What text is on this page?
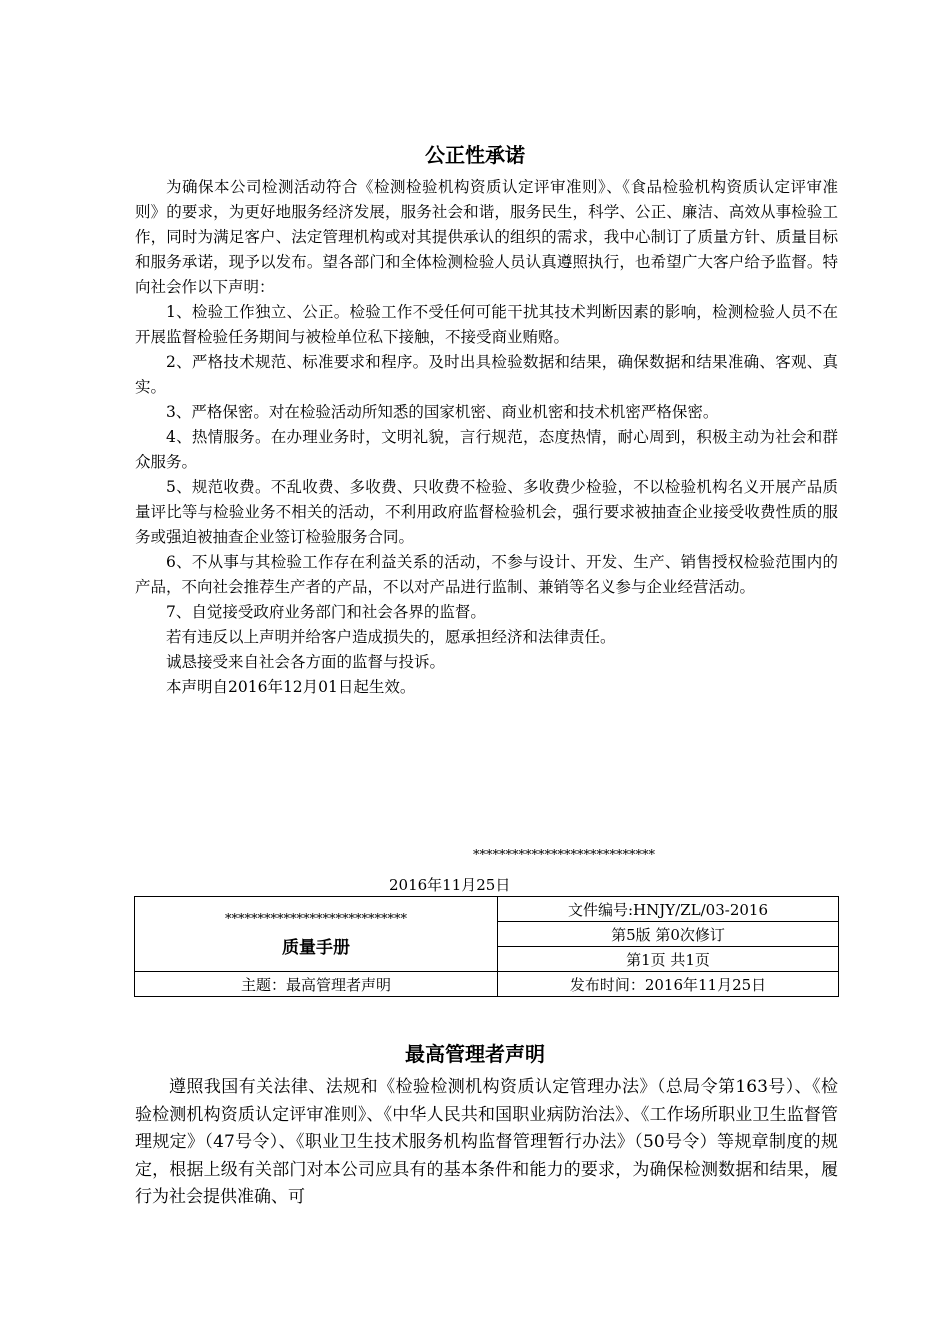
公正性承诺

为确保本公司检测活动符合《检测检验机构资质认定评审准则》、《食品检验机构资质认定评审准则》的要求，为更好地服务经济发展，服务社会和谐，服务民生，科学、公正、廉洁、高效从事检验工作，同时为满足客户、法定管理机构或对其提供承认的组织的需求，我中心制订了质量方针、质量目标和服务承诺，现予以发布。望各部门和全体检测检验人员认真遵照执行，也希望广大客户给予监督。特向社会作以下声明：

1、检验工作独立、公正。检验工作不受任何可能干扰其技术判断因素的影响，检测检验人员不在开展监督检验任务期间与被检单位私下接触，不接受商业贿赂。

2、严格技术规范、标准要求和程序。及时出具检验数据和结果，确保数据和结果准确、客观、真实。

3、严格保密。对在检验活动所知悉的国家机密、商业机密和技术机密严格保密。

4、热情服务。在办理业务时，文明礼貌，言行规范，态度热情，耐心周到，积极主动为社会和群众服务。

5、规范收费。不乱收费、多收费、只收费不检验、多收费少检验，不以检验机构名义开展产品质量评比等与检验业务不相关的活动，不利用政府监督检验机会，强行要求被抽查企业接受收费性质的服务或强迫被抽查企业签订检验服务合同。

6、不从事与其检验工作存在利益关系的活动，不参与设计、开发、生产、销售授权检验范围内的产品，不向社会推荐生产者的产品，不以对产品进行监制、兼销等名义参与企业经营活动。

7、自觉接受政府业务部门和社会各界的监督。

若有违反以上声明并给客户造成损失的，愿承担经济和法律责任。

诚恳接受来自社会各方面的监督与投诉。

本声明自2016年12月01日起生效。

****************************
2016年11月25日
****************************
质量手册	文件编号:HNJY/ZL/03-2016
	第5版 第0次修订
	第1页 共1页
主题：最高管理者声明	发布时间：2016年11月25日
最高管理者声明

遵照我国有关法律、法规和《检验检测机构资质认定管理办法》（总局令第163号）、《检验检测机构资质认定评审准则》、《中华人民共和国职业病防治法》、《工作场所职业卫生监督管理规定》（47号令）、《职业卫生技术服务机构监督管理暂行办法》（50号令）等规章制度的规定，根据上级有关部门对本公司应具有的基本条件和能力的要求，为确保检测数据和结果，履行为社会提供准确、可
